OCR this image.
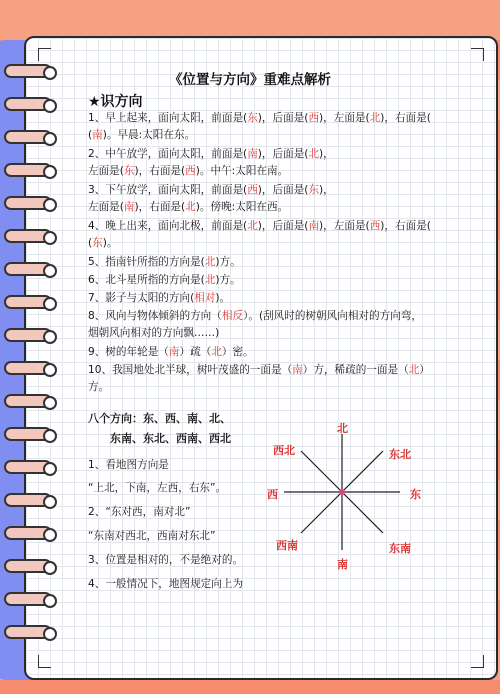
《位置与方向》重难点解析
★识方向
1、早上起来，面向太阳，前面是(东)，后面是(西)，左面是(北)，右面是(
(南)。早晨:太阳在东。
2、中午放学，面向太阳，前面是(南)，后面是(北)，
左面是(东)，右面是(西)。中午:太阳在南。
3、下午放学，面向太阳，前面是(西)，后面是(东)，
左面是(南)，右面是(北)。傍晚:太阳在西。
4、晚上出来，面向北极，前面是(北)，后面是(南)，左面是(西)，右面是(
(东)。
5、指南针所指的方向是(北)方。
6、北斗星所指的方向是(北)方。
7、影子与太阳的方向(相对)。
8、风向与物体倾斜的方向（相反）。(刮风时的树朝风向相对的方向弯，
烟朝风向相对的方向飘……)
9、树的年轮是（南）疏（北）密。
10、我国地处北半球，树叶茂盛的一面是（南）方，稀疏的一面是（北）
方。
八个方向：东、西、南、北、
东南、东北、西南、西北
1、看地图方向是
“上北，下南，左西，右东”。
2、“东对西，南对北”
“东南对西北，西南对东北”
3、位置是相对的，不是绝对的。
4、一般情况下，地图规定向上为
北
南
东
西
东北
西北
东南
西南
